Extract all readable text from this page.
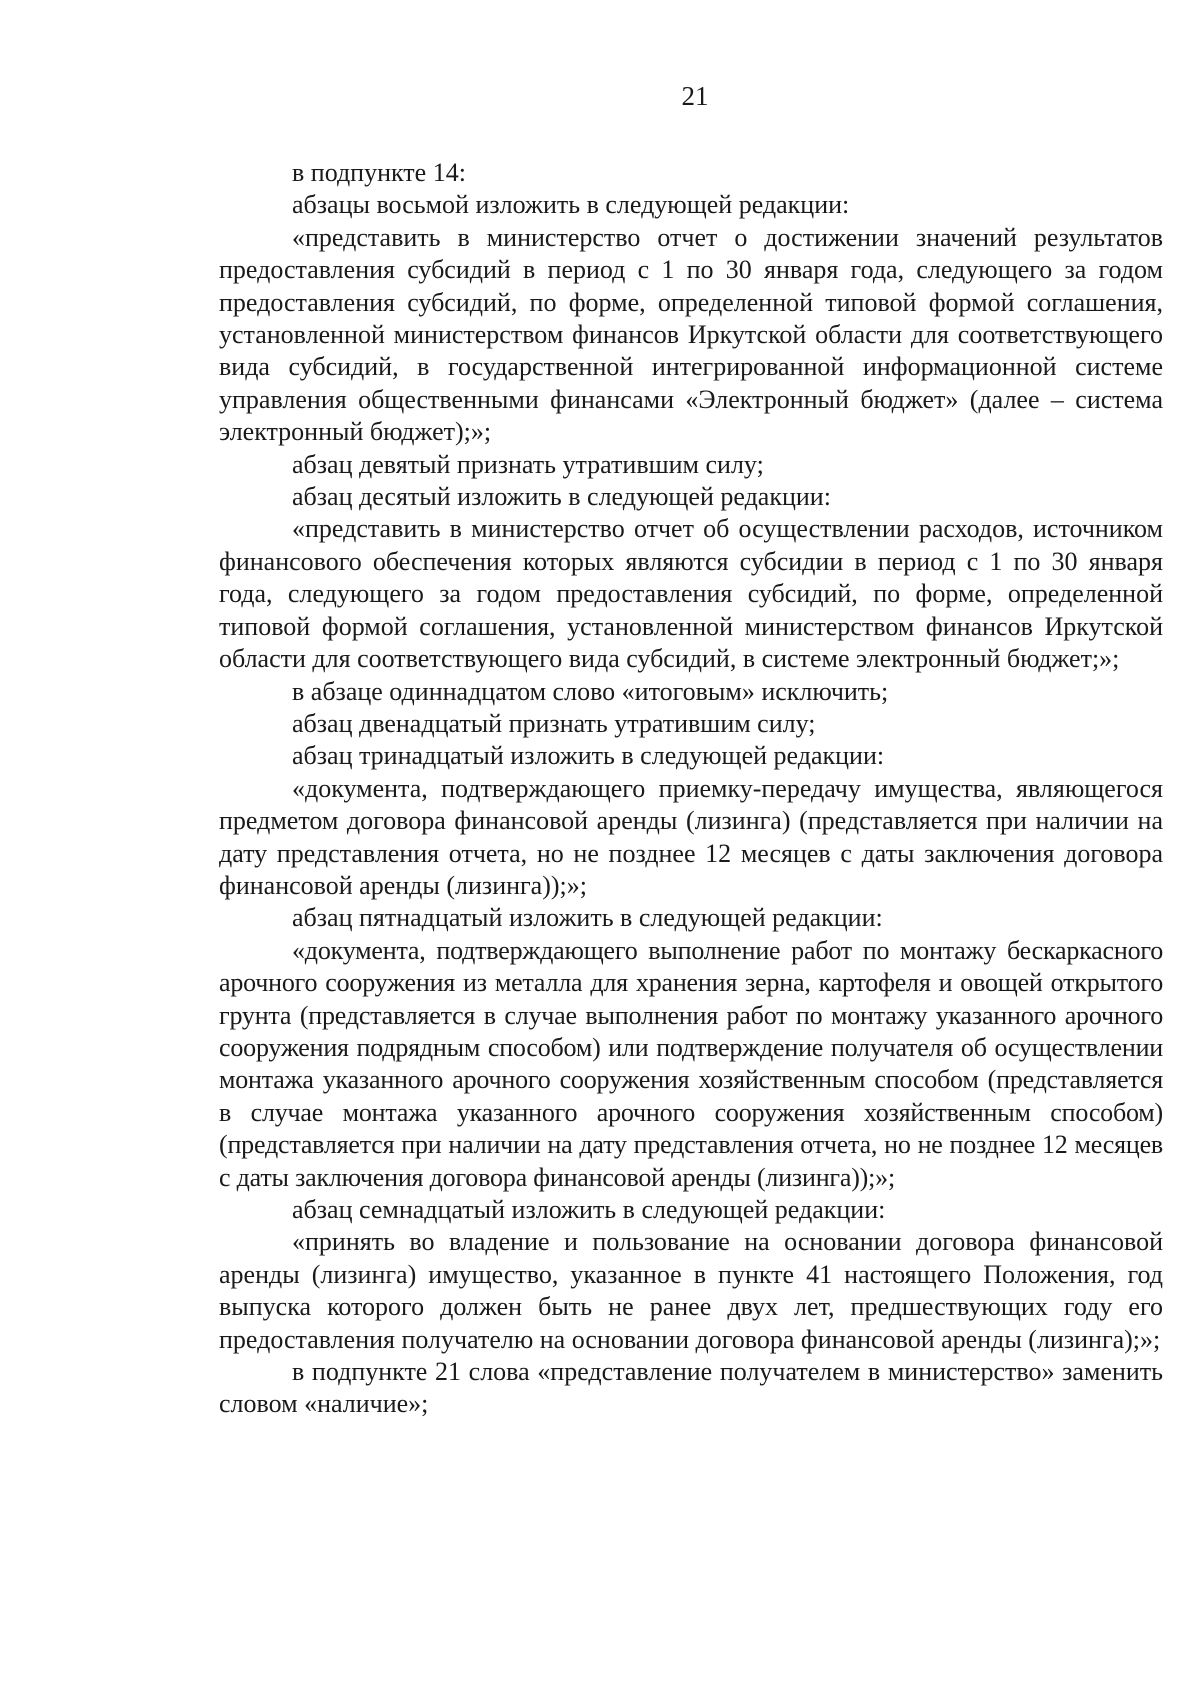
21

в подпункте 14:

абзацы восьмой изложить в следующей редакции:

«представить в министерство отчет о достижении значений результатов предоставления субсидий в период с 1 по 30 января года, следующего за годом предоставления субсидий, по форме, определенной типовой формой соглашения, установленной министерством финансов Иркутской области для соответствующего вида субсидий, в государственной интегрированной информационной системе управления общественными финансами «Электронный бюджет» (далее – система электронный бюджет);»;

абзац девятый признать утратившим силу;

абзац десятый изложить в следующей редакции:

«представить в министерство отчет об осуществлении расходов, источником финансового обеспечения которых являются субсидии в период с 1 по 30 января года, следующего за годом предоставления субсидий, по форме, определенной типовой формой соглашения, установленной министерством финансов Иркутской области для соответствующего вида субсидий, в системе электронный бюджет;»;

в абзаце одиннадцатом слово «итоговым» исключить;

абзац двенадцатый признать утратившим силу;

абзац тринадцатый изложить в следующей редакции:

«документа, подтверждающего приемку-передачу имущества, являющегося предметом договора финансовой аренды (лизинга) (представляется при наличии на дату представления отчета, но не позднее 12 месяцев с даты заключения договора финансовой аренды (лизинга));»;

абзац пятнадцатый изложить в следующей редакции:

«документа, подтверждающего выполнение работ по монтажу бескаркасного арочного сооружения из металла для хранения зерна, картофеля и овощей открытого грунта (представляется в случае выполнения работ по монтажу указанного арочного сооружения подрядным способом) или подтверждение получателя об осуществлении монтажа указанного арочного сооружения хозяйственным способом (представляется в случае монтажа указанного арочного сооружения хозяйственным способом) (представляется при наличии на дату представления отчета, но не позднее 12 месяцев с даты заключения договора финансовой аренды (лизинга));»;

абзац семнадцатый изложить в следующей редакции:

«принять во владение и пользование на основании договора финансовой аренды (лизинга) имущество, указанное в пункте 41 настоящего Положения, год выпуска которого должен быть не ранее двух лет, предшествующих году его предоставления получателю на основании договора финансовой аренды (лизинга);»;

в подпункте 21 слова «представление получателем в министерство» заменить словом «наличие»;
